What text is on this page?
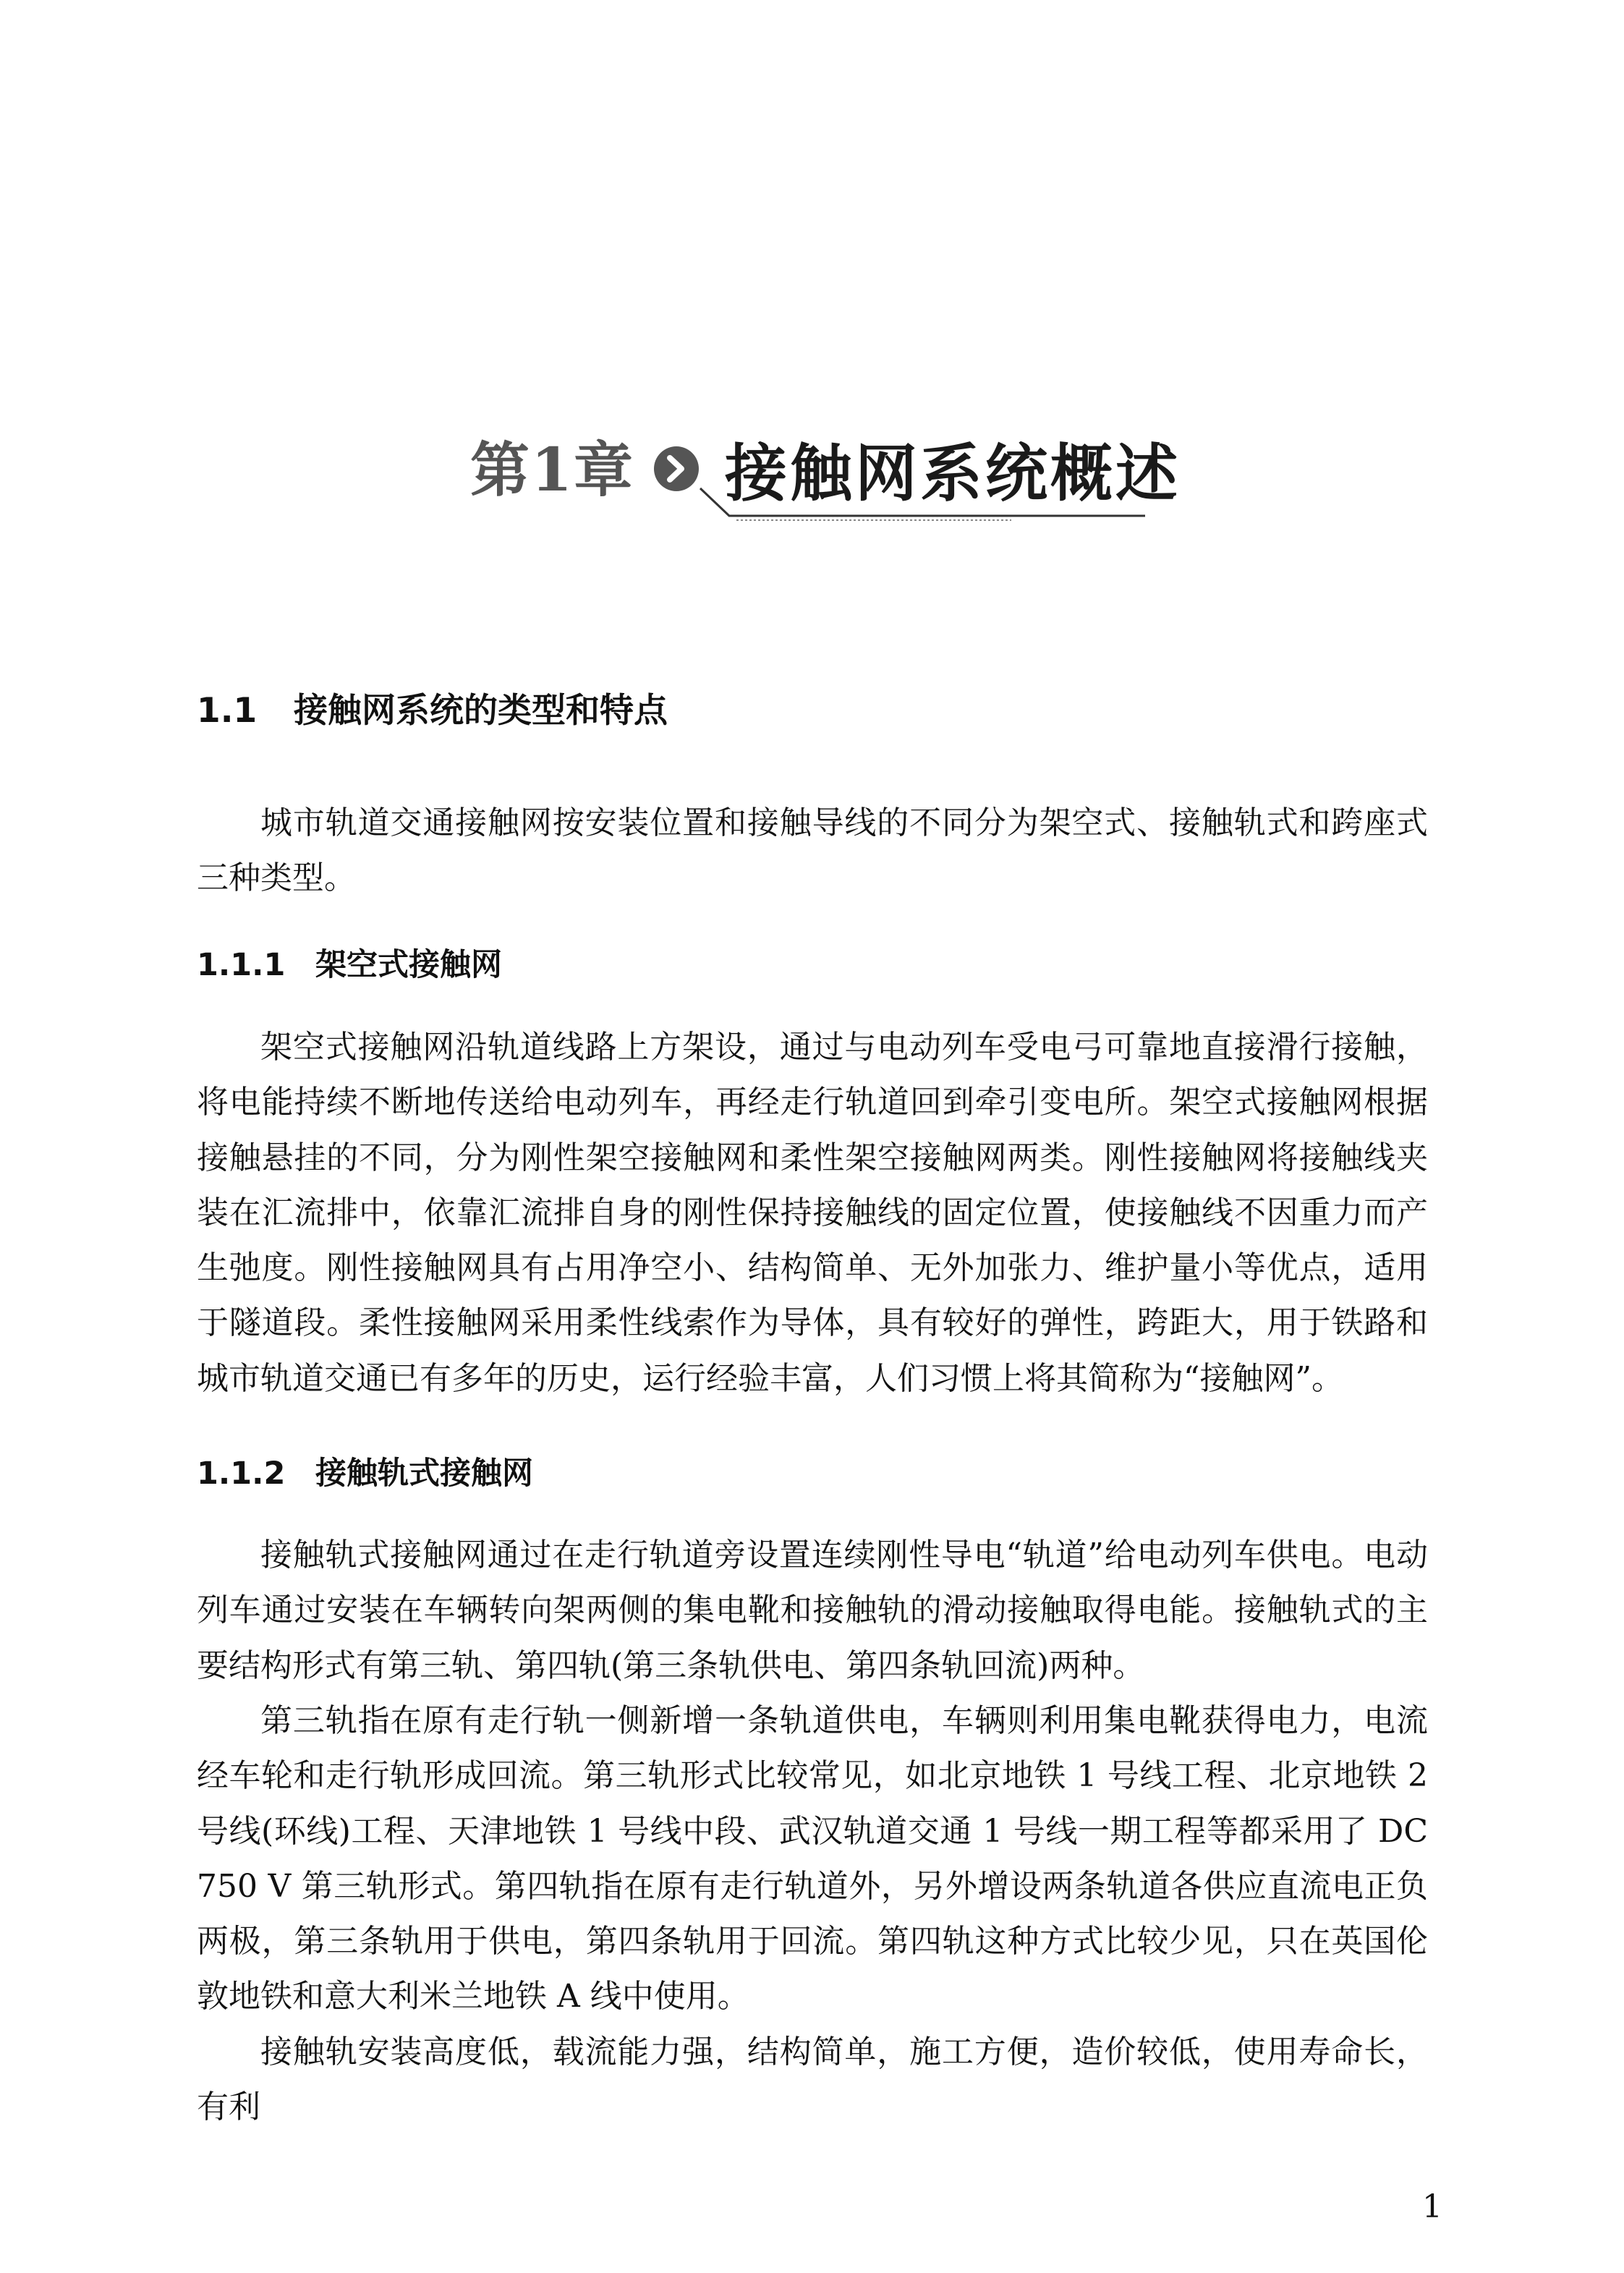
第1章 接触网系统概述
1.1 接触网系统的类型和特点

城市轨道交通接触网按安装位置和接触导线的不同分为架空式、接触轨式和跨座式三种类型。

1.1.1 架空式接触网

架空式接触网沿轨道线路上方架设，通过与电动列车受电弓可靠地直接滑行接触，将电能持续不断地传送给电动列车，再经走行轨道回到牵引变电所。架空式接触网根据接触悬挂的不同，分为刚性架空接触网和柔性架空接触网两类。刚性接触网将接触线夹装在汇流排中，依靠汇流排自身的刚性保持接触线的固定位置，使接触线不因重力而产生弛度。刚性接触网具有占用净空小、结构简单、无外加张力、维护量小等优点，适用于隧道段。柔性接触网采用柔性线索作为导体，具有较好的弹性，跨距大，用于铁路和城市轨道交通已有多年的历史，运行经验丰富，人们习惯上将其简称为“接触网”。

1.1.2 接触轨式接触网

接触轨式接触网通过在走行轨道旁设置连续刚性导电“轨道”给电动列车供电。电动列车通过安装在车辆转向架两侧的集电靴和接触轨的滑动接触取得电能。接触轨式的主要结构形式有第三轨、第四轨(第三条轨供电、第四条轨回流)两种。

第三轨指在原有走行轨一侧新增一条轨道供电，车辆则利用集电靴获得电力，电流经车轮和走行轨形成回流。第三轨形式比较常见，如北京地铁 1 号线工程、北京地铁 2 号线(环线)工程、天津地铁 1 号线中段、武汉轨道交通 1 号线一期工程等都采用了 DC 750 V 第三轨形式。第四轨指在原有走行轨道外，另外增设两条轨道各供应直流电正负两极，第三条轨用于供电，第四条轨用于回流。第四轨这种方式比较少见，只在英国伦敦地铁和意大利米兰地铁 A 线中使用。

接触轨安装高度低，载流能力强，结构简单，施工方便，造价较低，使用寿命长，有利

1
